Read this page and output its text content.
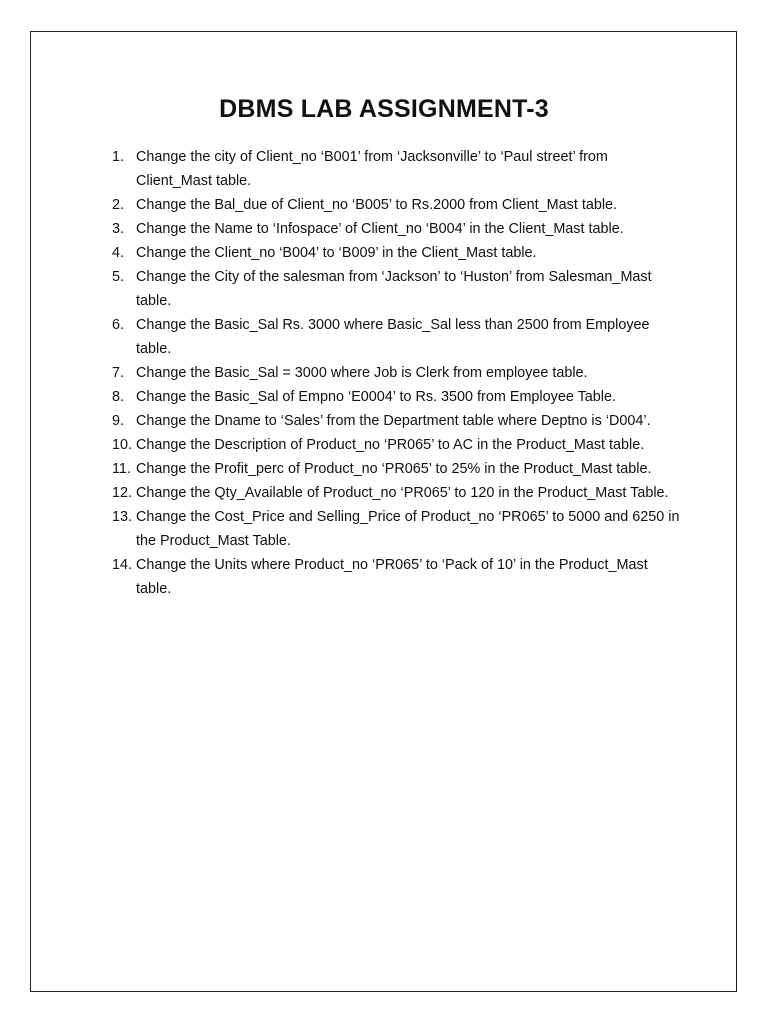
DBMS LAB ASSIGNMENT-3
1. Change the city of Client_no ‘B001’ from ‘Jacksonville’ to ‘Paul street’ from Client_Mast table.
2. Change the Bal_due of Client_no ‘B005’ to Rs.2000 from Client_Mast table.
3. Change the Name to ‘Infospace’ of Client_no ‘B004’ in the Client_Mast table.
4. Change the Client_no ‘B004’ to ‘B009’ in the Client_Mast table.
5. Change the City of the salesman from ‘Jackson’ to ‘Huston’ from Salesman_Mast table.
6. Change the Basic_Sal Rs. 3000 where Basic_Sal less than 2500 from Employee table.
7. Change the Basic_Sal = 3000 where Job is Clerk from employee table.
8. Change the Basic_Sal of Empno ‘E0004’ to Rs. 3500 from Employee Table.
9. Change the Dname to ‘Sales’ from the Department table where Deptno is ‘D004’.
10. Change the Description of Product_no ‘PR065’ to AC in the Product_Mast table.
11. Change the Profit_perc of Product_no ‘PR065’ to 25% in the Product_Mast table.
12. Change the Qty_Available of Product_no ‘PR065’ to 120 in the Product_Mast Table.
13. Change the Cost_Price and Selling_Price of Product_no ‘PR065’ to 5000 and 6250 in the Product_Mast Table.
14. Change the Units where Product_no ‘PR065’ to ‘Pack of 10’ in the Product_Mast table.
